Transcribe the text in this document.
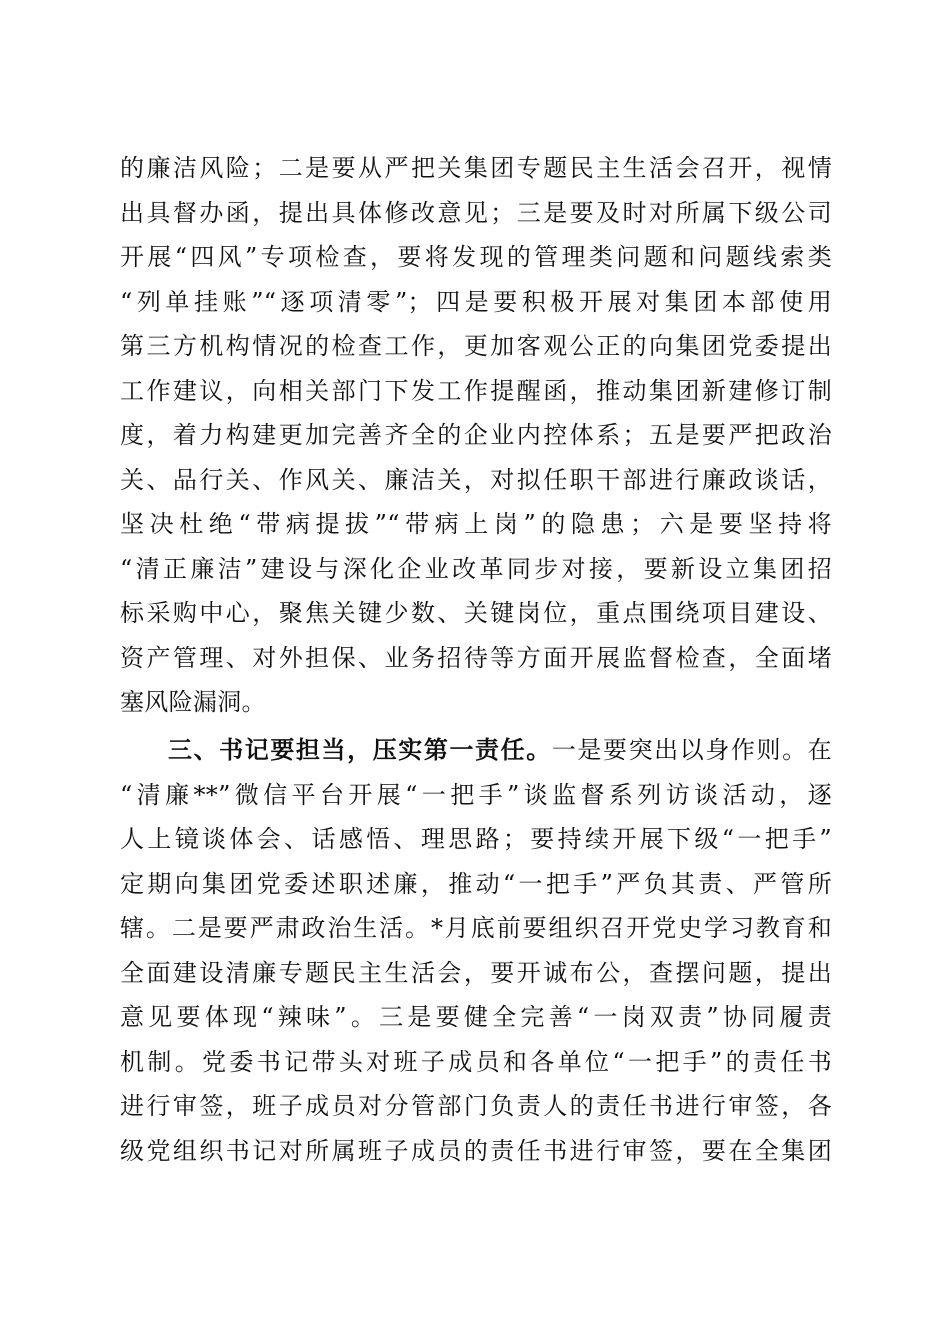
的廉洁风险；二是要从严把关集团专题民主生活会召开，视情
出具督办函，提出具体修改意见；三是要及时对所属下级公司
开展“四风”专项检查，要将发现的管理类问题和问题线索类
“列单挂账”“逐项清零”；四是要积极开展对集团本部使用
第三方机构情况的检查工作，更加客观公正的向集团党委提出
工作建议，向相关部门下发工作提醒函，推动集团新建修订制
度，着力构建更加完善齐全的企业内控体系；五是要严把政治
关、品行关、作风关、廉洁关，对拟任职干部进行廉政谈话，
坚决杜绝“带病提拔”“带病上岗”的隐患；六是要坚持将
“清正廉洁”建设与深化企业改革同步对接，要新设立集团招
标采购中心，聚焦关键少数、关键岗位，重点围绕项目建设、
资产管理、对外担保、业务招待等方面开展监督检查，全面堵
塞风险漏洞。
三、书记要担当，压实第一责任。一是要突出以身作则。在
“清廉**”微信平台开展“一把手”谈监督系列访谈活动，逐
人上镜谈体会、话感悟、理思路；要持续开展下级“一把手”
定期向集团党委述职述廉，推动“一把手”严负其责、严管所
辖。二是要严肃政治生活。*月底前要组织召开党史学习教育和
全面建设清廉专题民主生活会，要开诚布公，查摆问题，提出
意见要体现“辣味”。三是要健全完善“一岗双责”协同履责
机制。党委书记带头对班子成员和各单位“一把手”的责任书
进行审签，班子成员对分管部门负责人的责任书进行审签，各
级党组织书记对所属班子成员的责任书进行审签，要在全集团
